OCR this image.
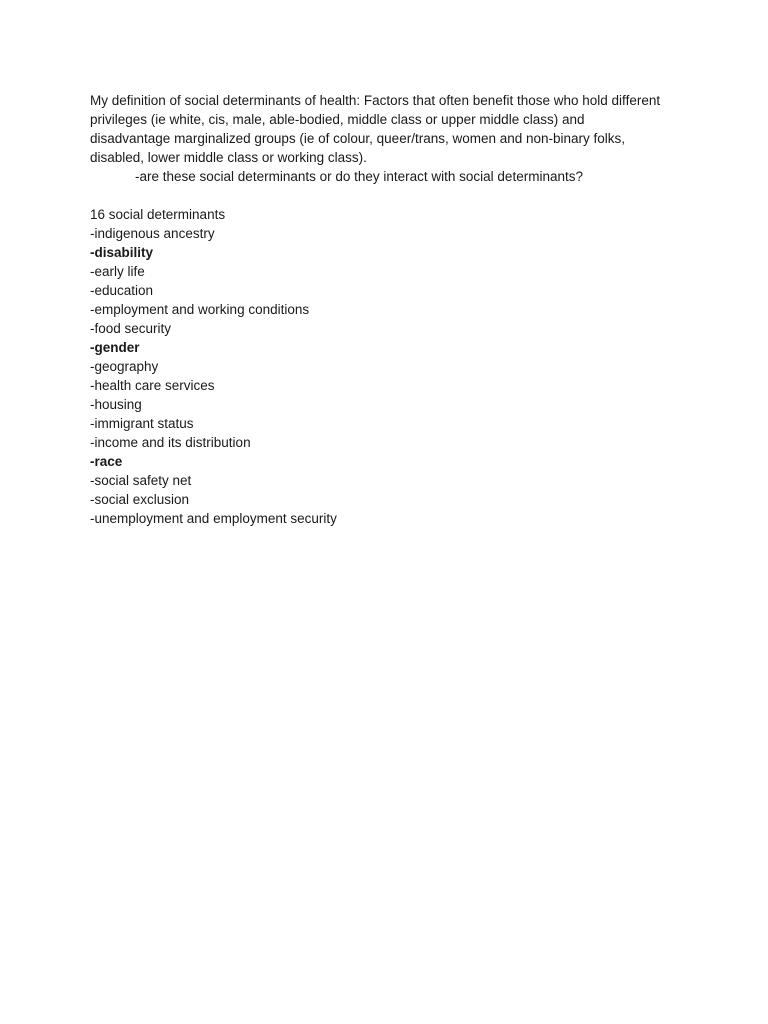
My definition of social determinants of health: Factors that often benefit those who hold different
privileges (ie white, cis, male, able-bodied, middle class or upper middle class) and
disadvantage marginalized groups (ie of colour, queer/trans, women and non-binary folks,
disabled, lower middle class or working class).
-are these social determinants or do they interact with social determinants?

16 social determinants
-indigenous ancestry
-disability
-early life
-education
-employment and working conditions
-food security
-gender
-geography
-health care services
-housing
-immigrant status
-income and its distribution
-race
-social safety net
-social exclusion
-unemployment and employment security
